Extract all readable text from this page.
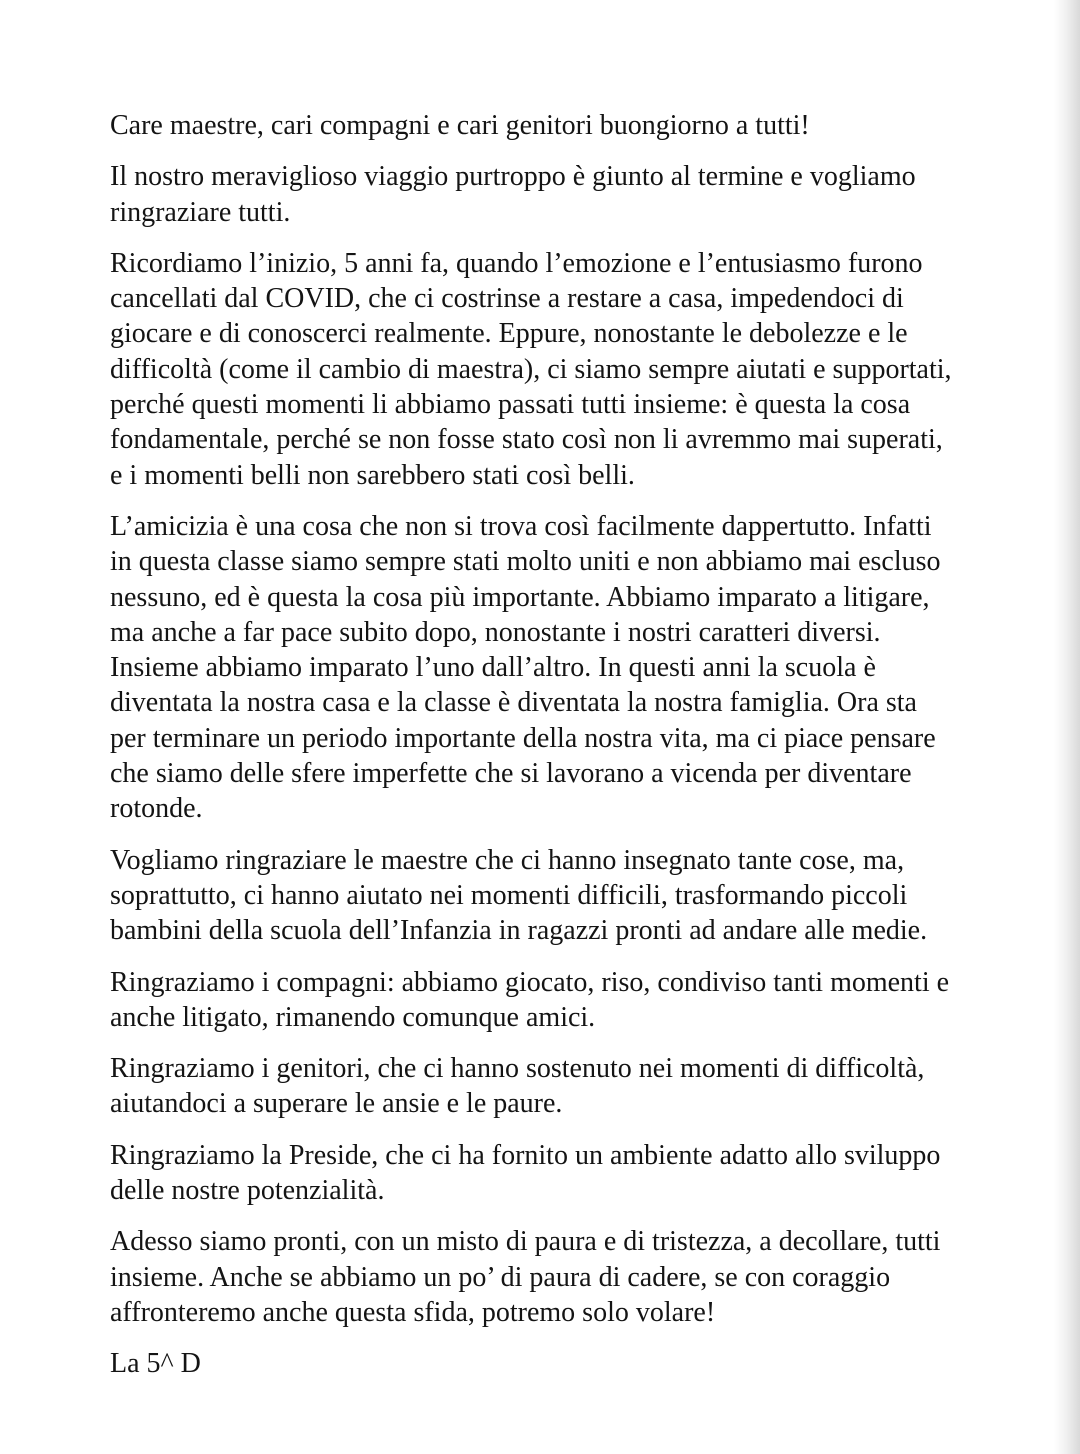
Care maestre, cari compagni e cari genitori buongiorno a tutti!

Il nostro meraviglioso viaggio purtroppo è giunto al termine e vogliamo
ringraziare tutti.

Ricordiamo l’inizio, 5 anni fa, quando l’emozione e l’entusiasmo furono
cancellati dal COVID, che ci costrinse a restare a casa, impedendoci di
giocare e di conoscerci realmente. Eppure, nonostante le debolezze e le
difficoltà (come il cambio di maestra), ci siamo sempre aiutati e supportati,
perché questi momenti li abbiamo passati tutti insieme: è questa la cosa
fondamentale, perché se non fosse stato così non li avremmo mai superati,
e i momenti belli non sarebbero stati così belli.

L’amicizia è una cosa che non si trova così facilmente dappertutto. Infatti
in questa classe siamo sempre stati molto uniti e non abbiamo mai escluso
nessuno, ed è questa la cosa più importante. Abbiamo imparato a litigare,
ma anche a far pace subito dopo, nonostante i nostri caratteri diversi.
Insieme abbiamo imparato l’uno dall’altro. In questi anni la scuola è
diventata la nostra casa e la classe è diventata la nostra famiglia. Ora sta
per terminare un periodo importante della nostra vita, ma ci piace pensare
che siamo delle sfere imperfette che si lavorano a vicenda per diventare
rotonde.

Vogliamo ringraziare le maestre che ci hanno insegnato tante cose, ma,
soprattutto, ci hanno aiutato nei momenti difficili, trasformando piccoli
bambini della scuola dell’Infanzia in ragazzi pronti ad andare alle medie.

Ringraziamo i compagni: abbiamo giocato, riso, condiviso tanti momenti e
anche litigato, rimanendo comunque amici.

Ringraziamo i genitori, che ci hanno sostenuto nei momenti di difficoltà,
aiutandoci a superare le ansie e le paure.

Ringraziamo la Preside, che ci ha fornito un ambiente adatto allo sviluppo
delle nostre potenzialità.

Adesso siamo pronti, con un misto di paura e di tristezza, a decollare, tutti
insieme. Anche se abbiamo un po’ di paura di cadere, se con coraggio
affronteremo anche questa sfida, potremo solo volare!

La 5^ D
